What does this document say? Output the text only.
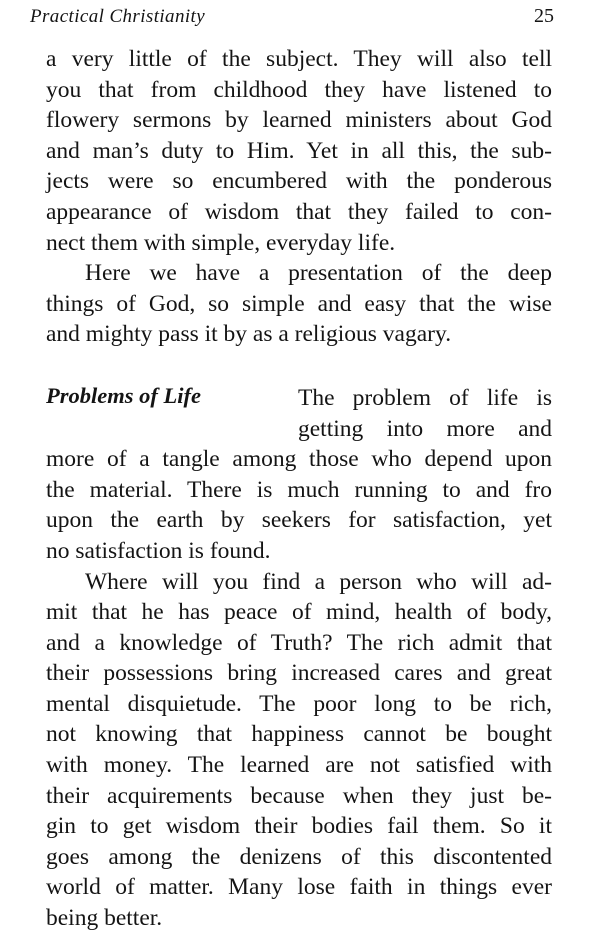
Practical Christianity	25
a very little of the subject. They will also tell
you that from childhood they have listened to
flowery sermons by learned ministers about God
and man’s duty to Him. Yet in all this, the sub-
jects were so encumbered with the ponderous
appearance of wisdom that they failed to con-
nect them with simple, everyday life.
Here we have a presentation of the deep
things of God, so simple and easy that the wise
and mighty pass it by as a religious vagary.
Problems of Life	The problem of life is
getting into more and
more of a tangle among those who depend upon
the material. There is much running to and fro
upon the earth by seekers for satisfaction, yet
no satisfaction is found.
Where will you find a person who will ad-
mit that he has peace of mind, health of body,
and a knowledge of Truth? The rich admit that
their possessions bring increased cares and great
mental disquietude. The poor long to be rich,
not knowing that happiness cannot be bought
with money. The learned are not satisfied with
their acquirements because when they just be-
gin to get wisdom their bodies fail them. So it
goes among the denizens of this discontented
world of matter. Many lose faith in things ever
being better.
